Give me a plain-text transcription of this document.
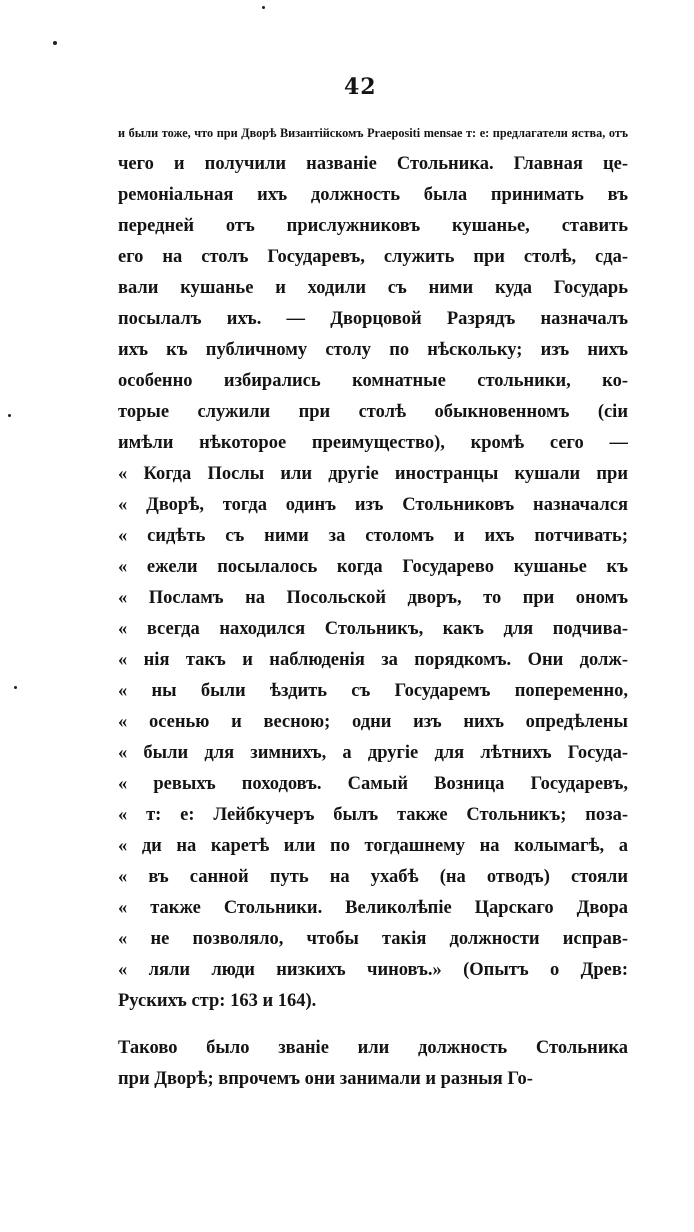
42
и были тоже, что при Дворѣ Византійскомъ Praepositi mensae т: е: предлагатели яства, отъ
чего и получили названіе Стольника. Главная це-
ремоніальная ихъ должность была принимать въ
передней отъ прислужниковъ кушанье, ставить
его на столъ Государевъ, служить при столѣ, сда-
вали кушанье и ходили съ ними куда Государь
посылалъ ихъ. — Дворцовой Разрядъ назначалъ
ихъ къ публичному столу по нѣскольку; изъ нихъ
особенно избирались комнатные стольники, ко-
торые служили при столѣ обыкновенномъ (сіи
имѣли нѣкоторое преимущество), кромѣ сего —
« Когда Послы или другіе иностранцы кушали при
« Дворѣ, тогда одинъ изъ Стольниковъ назначался
« сидѣть съ ними за столомъ и ихъ потчивать;
« ежели посылалось когда Государево кушанье къ
« Посламъ на Посольской дворъ, то при ономъ
« всегда находился Стольникъ, какъ для подчива-
« нія такъ и наблюденія за порядкомъ. Они долж-
« ны были ѣздить съ Государемъ попеременно,
« осенью и весною; одни изъ нихъ опредѣлены
« были для зимнихъ, а другіе для лѣтнихъ Госуда-
« ревыхъ походовъ. Самый Возница Государевъ,
« т: е: Лейбкучеръ былъ также Стольникъ; поза-
« ди на каретѣ или по тогдашнему на колымагѣ, а
« въ санной путь на ухабѣ (на отводъ) стояли
« также Стольники. Великолѣпіе Царскаго Двора
« не позволяло, чтобы такія должности исправ-
« ляли люди низкихъ чиновъ.» (Опытъ о Древ:
Рускихъ стр: 163 и 164).
Таково было званіе или должность Стольника
при Дворѣ; впрочемъ они занимали и разныя Го-
